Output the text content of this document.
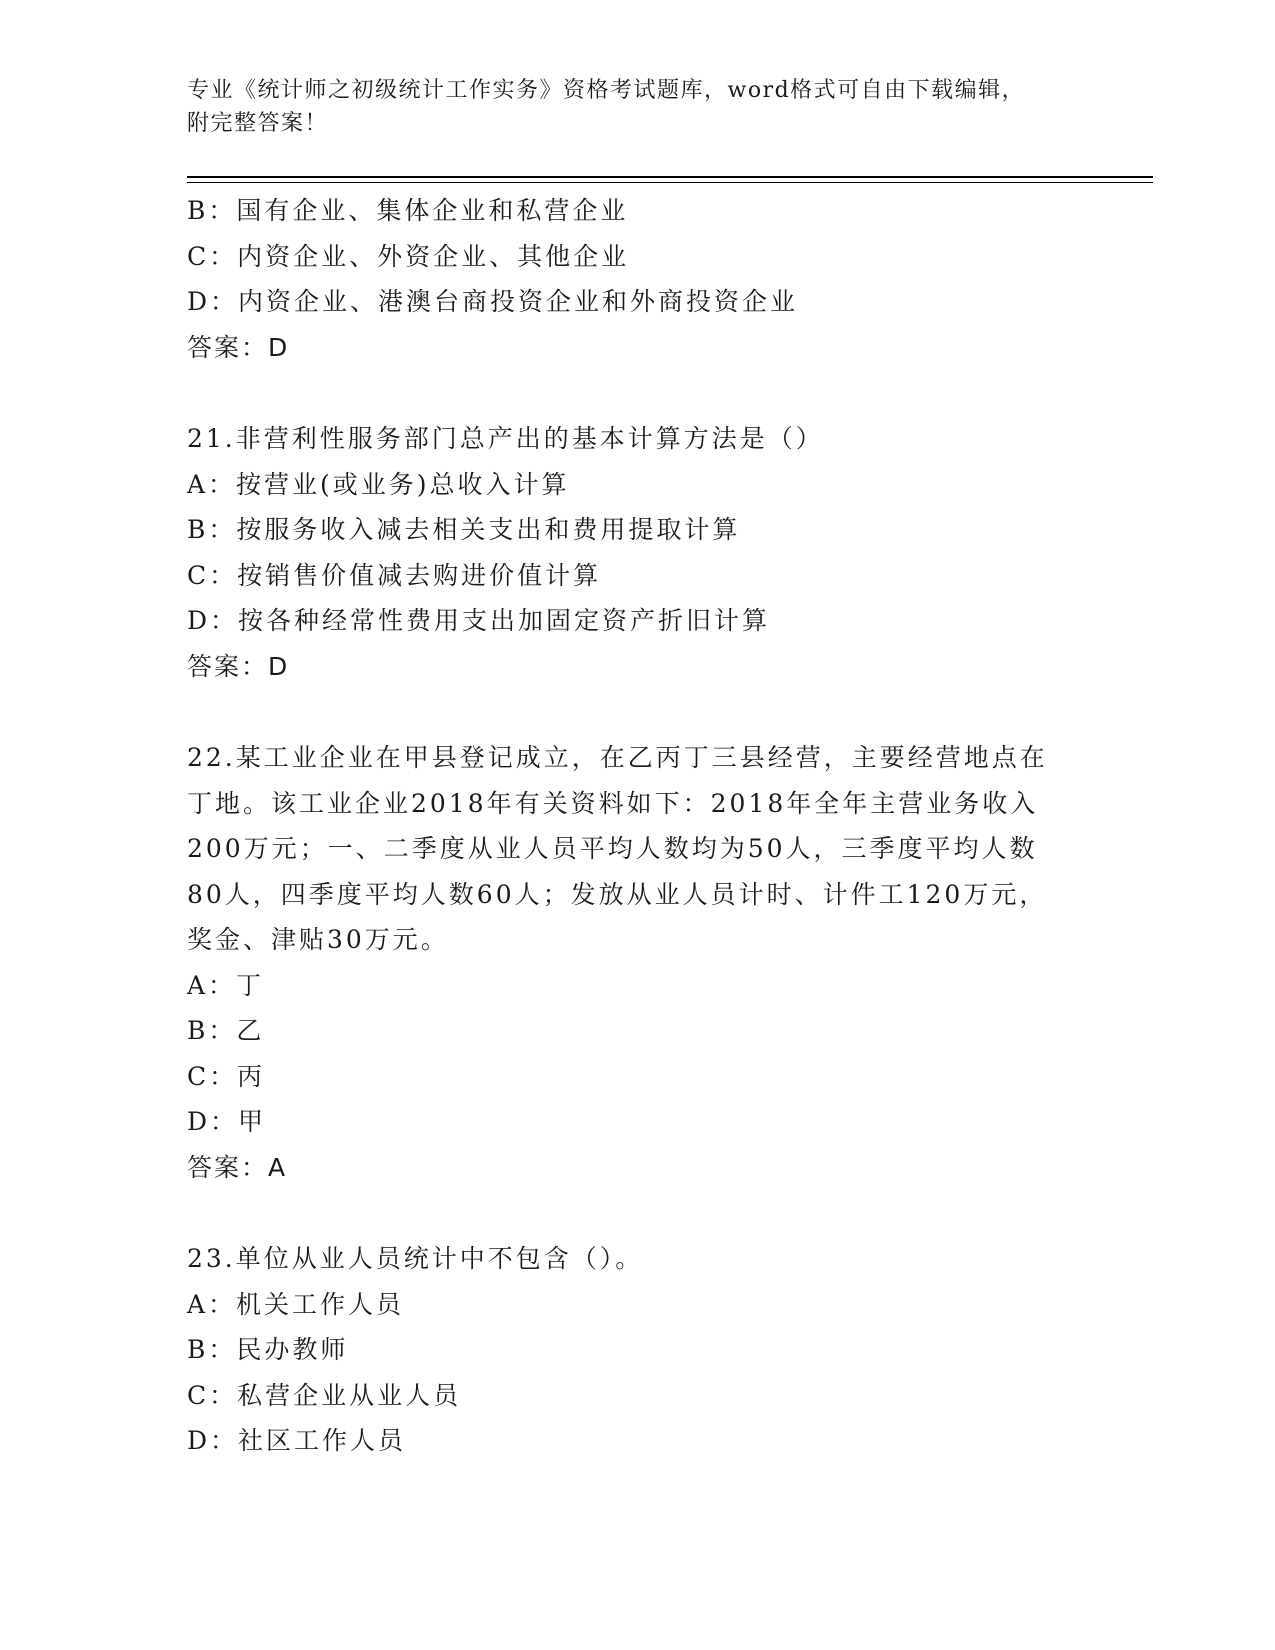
专业《统计师之初级统计工作实务》资格考试题库，word格式可自由下载编辑，
附完整答案！
B：国有企业、集体企业和私营企业
C：内资企业、外资企业、其他企业
D：内资企业、港澳台商投资企业和外商投资企业
答案：D
21.非营利性服务部门总产出的基本计算方法是（）
A：按营业(或业务)总收入计算
B：按服务收入减去相关支出和费用提取计算
C：按销售价值减去购进价值计算
D：按各种经常性费用支出加固定资产折旧计算
答案：D
22.某工业企业在甲县登记成立，在乙丙丁三县经营，主要经营地点在
丁地。该工业企业2018年有关资料如下：2018年全年主营业务收入
200万元；一、二季度从业人员平均人数均为50人，三季度平均人数
80人，四季度平均人数60人；发放从业人员计时、计件工120万元，
奖金、津贴30万元。
A：丁
B：乙
C：丙
D：甲
答案：A
23.单位从业人员统计中不包含（）。
A：机关工作人员
B：民办教师
C：私营企业从业人员
D：社区工作人员
